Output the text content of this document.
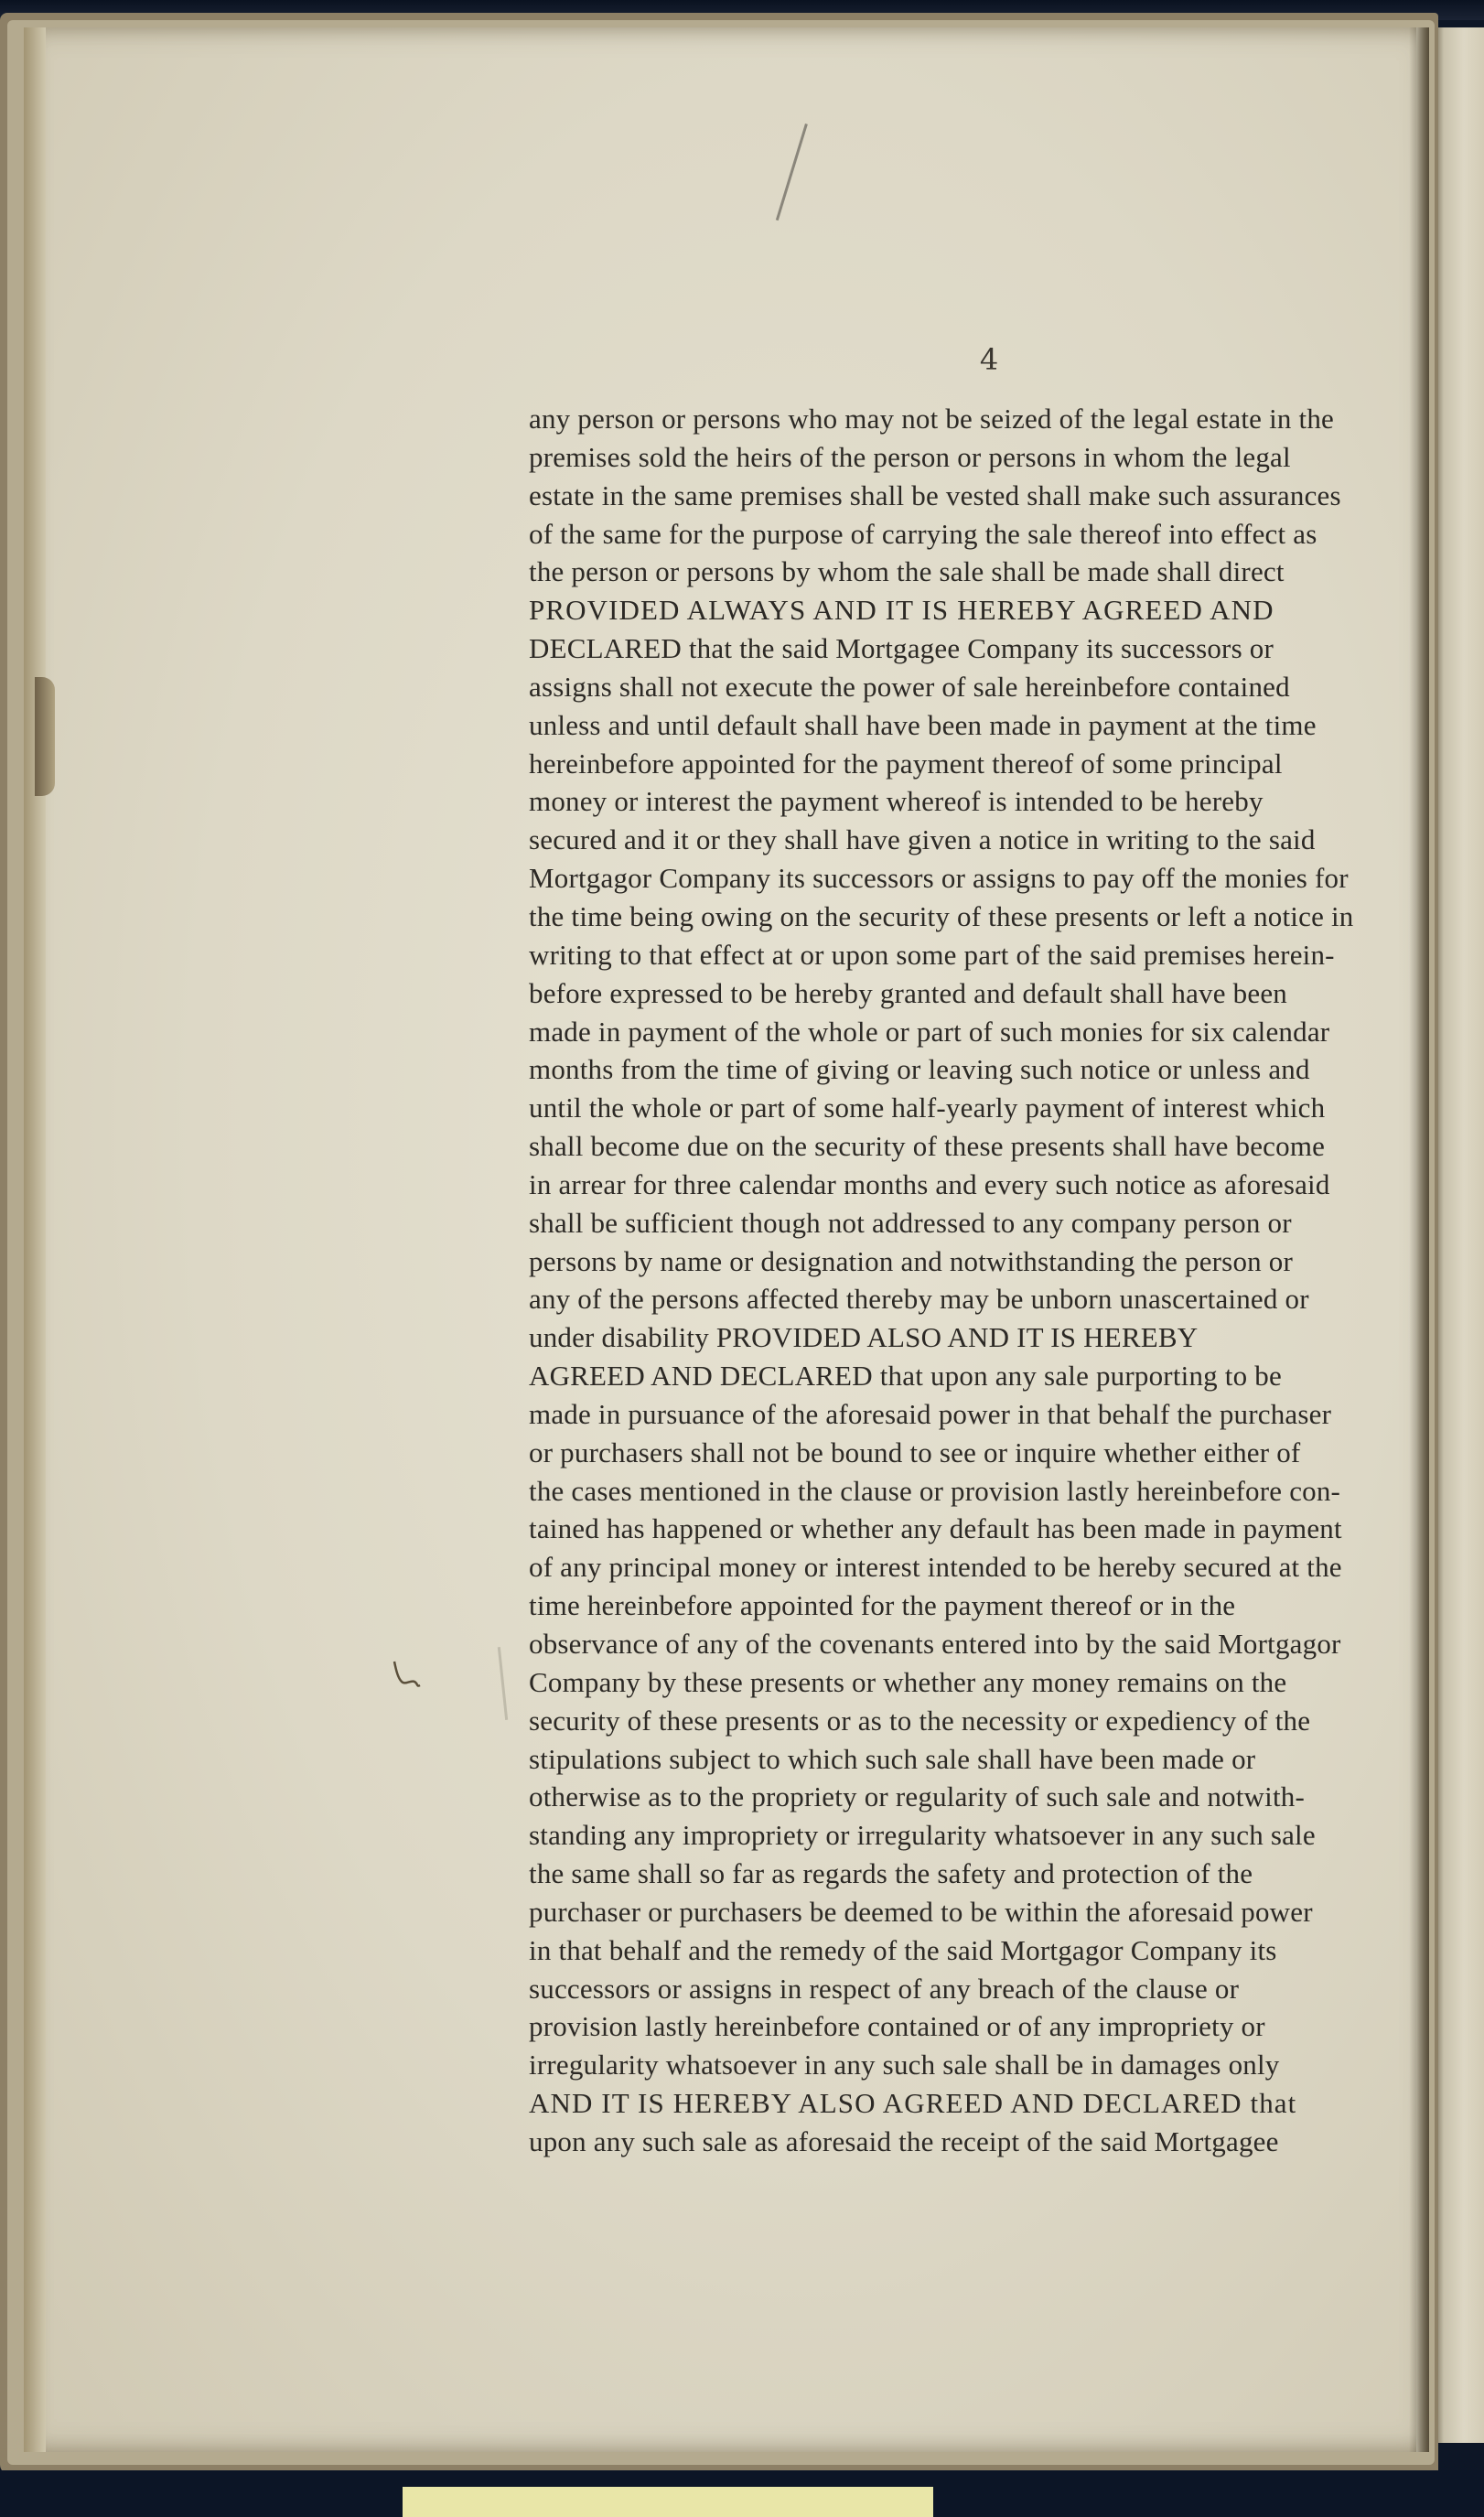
4
any person or persons who may not be seized of the legal estate in the
premises sold the heirs of the person or persons in whom the legal
estate in the same premises shall be vested shall make such assurances
of the same for the purpose of carrying the sale thereof into effect as
the person or persons by whom the sale shall be made shall direct
PROVIDED ALWAYS AND IT IS HEREBY AGREED AND
DECLARED that the said Mortgagee Company its successors or
assigns shall not execute the power of sale hereinbefore contained
unless and until default shall have been made in payment at the time
hereinbefore appointed for the payment thereof of some principal
money or interest the payment whereof is intended to be hereby
secured and it or they shall have given a notice in writing to the said
Mortgagor Company its successors or assigns to pay off the monies for
the time being owing on the security of these presents or left a notice in
writing to that effect at or upon some part of the said premises herein-
before expressed to be hereby granted and default shall have been
made in payment of the whole or part of such monies for six calendar
months from the time of giving or leaving such notice or unless and
until the whole or part of some half-yearly payment of interest which
shall become due on the security of these presents shall have become
in arrear for three calendar months and every such notice as aforesaid
shall be sufficient though not addressed to any company person or
persons by name or designation and notwithstanding the person or
any of the persons affected thereby may be unborn unascertained or
under disability PROVIDED ALSO AND IT IS HEREBY
AGREED AND DECLARED that upon any sale purporting to be
made in pursuance of the aforesaid power in that behalf the purchaser
or purchasers shall not be bound to see or inquire whether either of
the cases mentioned in the clause or provision lastly hereinbefore con-
tained has happened or whether any default has been made in payment
of any principal money or interest intended to be hereby secured at the
time hereinbefore appointed for the payment thereof or in the
observance of any of the covenants entered into by the said Mortgagor
Company by these presents or whether any money remains on the
security of these presents or as to the necessity or expediency of the
stipulations subject to which such sale shall have been made or
otherwise as to the propriety or regularity of such sale and notwith-
standing any impropriety or irregularity whatsoever in any such sale
the same shall so far as regards the safety and protection of the
purchaser or purchasers be deemed to be within the aforesaid power
in that behalf and the remedy of the said Mortgagor Company its
successors or assigns in respect of any breach of the clause or
provision lastly hereinbefore contained or of any impropriety or
irregularity whatsoever in any such sale shall be in damages only
AND IT IS HEREBY ALSO AGREED AND DECLARED that
upon any such sale as aforesaid the receipt of the said Mortgagee
